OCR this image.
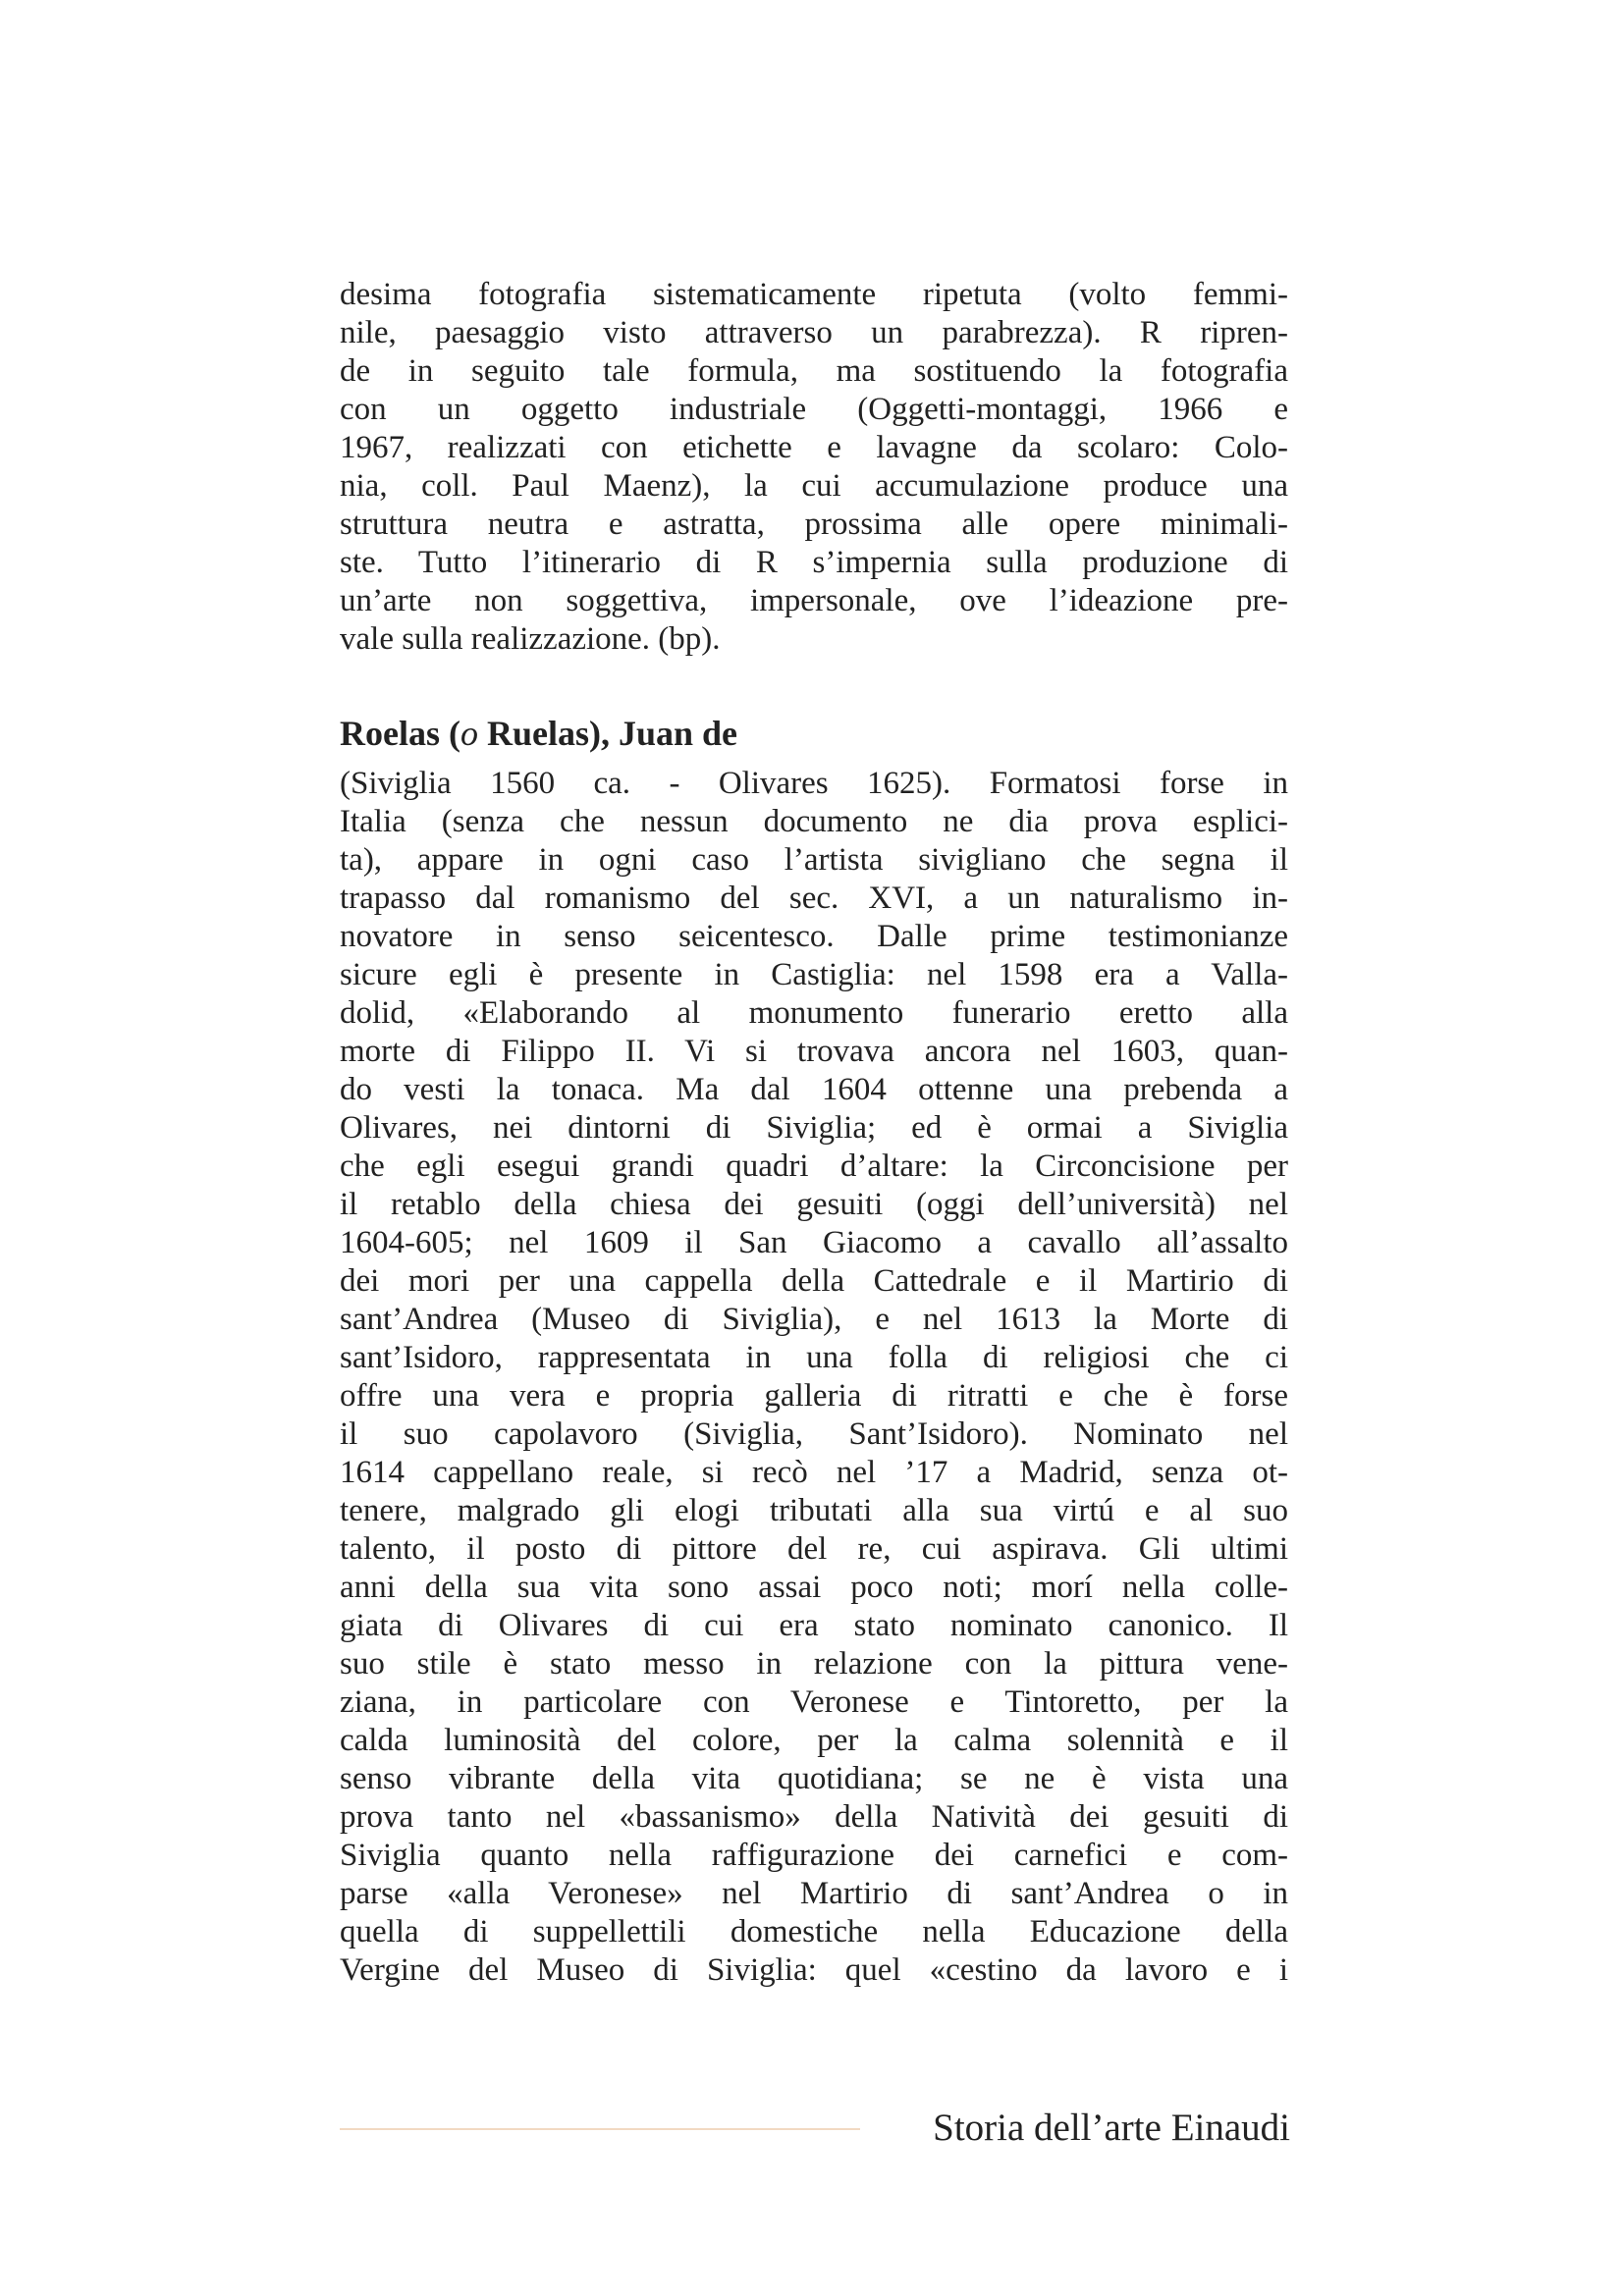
desima fotografia sistematicamente ripetuta (volto femmi-
nile, paesaggio visto attraverso un parabrezza). R ripren-
de in seguito tale formula, ma sostituendo la fotografia
con un oggetto industriale (Oggetti-montaggi, 1966 e
1967, realizzati con etichette e lavagne da scolaro: Colo-
nia, coll. Paul Maenz), la cui accumulazione produce una
struttura neutra e astratta, prossima alle opere minimali-
ste. Tutto l’itinerario di R s’impernia sulla produzione di
un’arte non soggettiva, impersonale, ove l’ideazione pre-
vale sulla realizzazione. (bp).
Roelas (o Ruelas), Juan de
(Siviglia 1560 ca. - Olivares 1625). Formatosi forse in
Italia (senza che nessun documento ne dia prova esplici-
ta), appare in ogni caso l’artista sivigliano che segna il
trapasso dal romanismo del sec. XVI, a un naturalismo in-
novatore in senso seicentesco. Dalle prime testimonianze
sicure egli è presente in Castiglia: nel 1598 era a Valla-
dolid, «Elaborando al monumento funerario eretto alla
morte di Filippo II. Vi si trovava ancora nel 1603, quan-
do vesti la tonaca. Ma dal 1604 ottenne una prebenda a
Olivares, nei dintorni di Siviglia; ed è ormai a Siviglia
che egli esegui grandi quadri d’altare: la Circoncisione per
il retablo della chiesa dei gesuiti (oggi dell’università) nel
1604-605; nel 1609 il San Giacomo a cavallo all’assalto
dei mori per una cappella della Cattedrale e il Martirio di
sant’Andrea (Museo di Siviglia), e nel 1613 la Morte di
sant’Isidoro, rappresentata in una folla di religiosi che ci
offre una vera e propria galleria di ritratti e che è forse
il suo capolavoro (Siviglia, Sant’Isidoro). Nominato nel
1614 cappellano reale, si recò nel ’17 a Madrid, senza ot-
tenere, malgrado gli elogi tributati alla sua virtú e al suo
talento, il posto di pittore del re, cui aspirava. Gli ultimi
anni della sua vita sono assai poco noti; morí nella colle-
giata di Olivares di cui era stato nominato canonico. Il
suo stile è stato messo in relazione con la pittura vene-
ziana, in particolare con Veronese e Tintoretto, per la
calda luminosità del colore, per la calma solennità e il
senso vibrante della vita quotidiana; se ne è vista una
prova tanto nel «bassanismo» della Natività dei gesuiti di
Siviglia quanto nella raffigurazione dei carnefici e com-
parse «alla Veronese» nel Martirio di sant’Andrea o in
quella di suppellettili domestiche nella Educazione della
Vergine del Museo di Siviglia: quel «cestino da lavoro e i
Storia dell’arte Einaudi
